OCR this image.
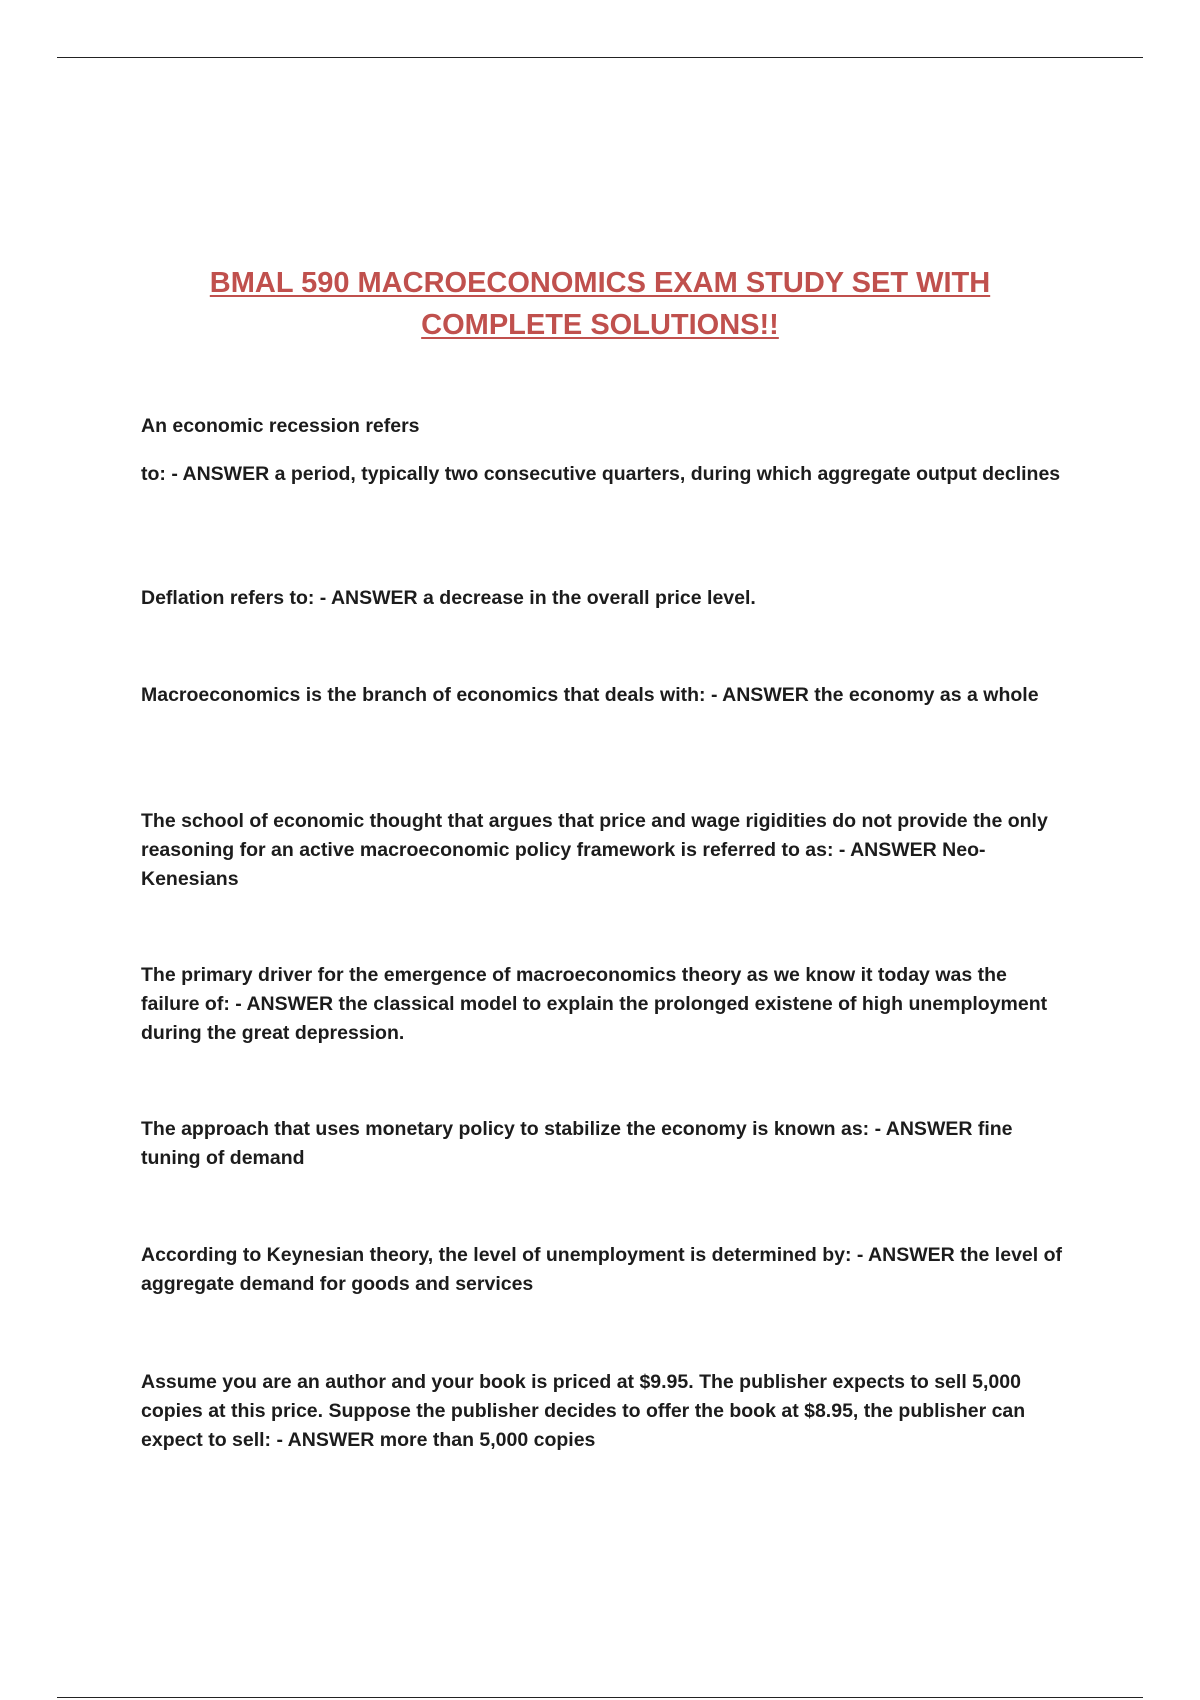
BMAL 590 MACROECONOMICS EXAM STUDY SET WITH COMPLETE SOLUTIONS!!

An economic recession refers

to: - ANSWER a period, typically two consecutive quarters, during which aggregate output declines

Deflation refers to: - ANSWER a decrease in the overall price level.

Macroeconomics is the branch of economics that deals with: - ANSWER the economy as a whole

The school of economic thought that argues that price and wage rigidities do not provide the only reasoning for an active macroeconomic policy framework is referred to as: - ANSWER Neo-Kenesians

The primary driver for the emergence of macroeconomics theory as we know it today was the failure of: - ANSWER the classical model to explain the prolonged existene of high unemployment during the great depression.

The approach that uses monetary policy to stabilize the economy is known as: - ANSWER fine tuning of demand

According to Keynesian theory, the level of unemployment is determined by: - ANSWER the level of aggregate demand for goods and services

Assume you are an author and your book is priced at $9.95. The publisher expects to sell 5,000 copies at this price. Suppose the publisher decides to offer the book at $8.95, the publisher can expect to sell: - ANSWER more than 5,000 copies
